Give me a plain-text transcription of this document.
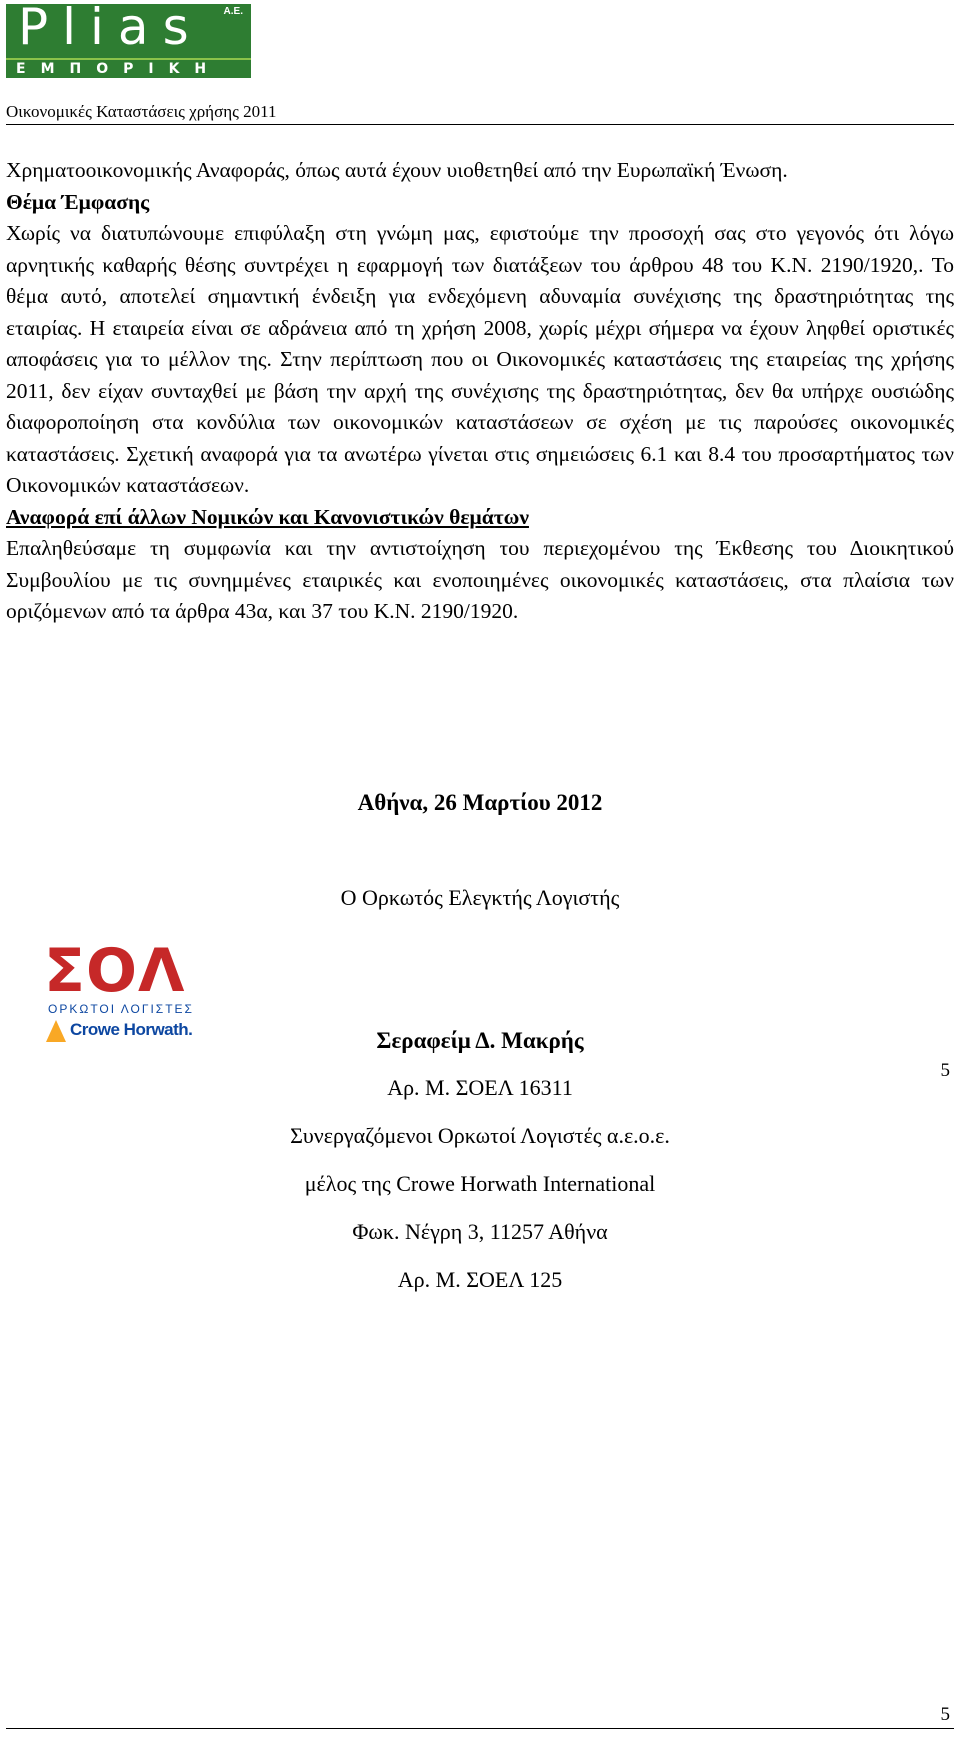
Α.Ε.
Plias
ΕΜΠΟΡΙΚΗ
Οικονομικές Καταστάσεις χρήσης 2011

Χρηματοοικονομικής Αναφοράς, όπως αυτά έχουν υιοθετηθεί από την Ευρωπαϊκή Ένωση.

Θέμα Έμφασης

Χωρίς να διατυπώνουμε επιφύλαξη στη γνώμη μας, εφιστούμε την προσοχή σας στο γεγονός ότι λόγω αρνητικής καθαρής θέσης συντρέχει η εφαρμογή των διατάξεων του άρθρου 48 του Κ.Ν. 2190/1920,. Το θέμα αυτό, αποτελεί σημαντική ένδειξη για ενδεχόμενη αδυναμία συνέχισης της δραστηριότητας της εταιρίας. Η εταιρεία είναι σε αδράνεια από τη χρήση 2008, χωρίς μέχρι σήμερα να έχουν ληφθεί οριστικές αποφάσεις για το μέλλον της. Στην περίπτωση που οι Οικονομικές καταστάσεις της εταιρείας της χρήσης 2011, δεν είχαν συνταχθεί με βάση την αρχή της συνέχισης της δραστηριότητας, δεν θα υπήρχε ουσιώδης διαφοροποίηση στα κονδύλια των οικονομικών καταστάσεων σε σχέση με τις παρούσες οικονομικές καταστάσεις. Σχετική αναφορά για τα ανωτέρω γίνεται στις σημειώσεις 6.1 και 8.4 του προσαρτήματος των Οικονομικών καταστάσεων.

Αναφορά επί άλλων Νομικών και Κανονιστικών θεμάτων

Επαληθεύσαμε τη συμφωνία και την αντιστοίχηση του περιεχομένου της Έκθεσης του Διοικητικού Συμβουλίου με τις συνημμένες εταιρικές και ενοποιημένες οικονομικές καταστάσεις, στα πλαίσια των οριζόμενων από τα άρθρα 43α, και 37 του Κ.Ν. 2190/1920.

Αθήνα, 26 Μαρτίου 2012
Ο Ορκωτός Ελεγκτής Λογιστής
ΣΟΛ
ΟΡΚΩΤΟΙ ΛΟΓΙΣΤΕΣ
Crowe Horwath.	Σεραφείμ Δ. Μακρής
Αρ. Μ. ΣΟΕΛ 16311
Συνεργαζόμενοι Ορκωτοί Λογιστές α.ε.ο.ε.
μέλος της Crowe Horwath International
Φωκ. Νέγρη 3, 11257 Αθήνα
Αρ. Μ. ΣΟΕΛ 125
5
5
